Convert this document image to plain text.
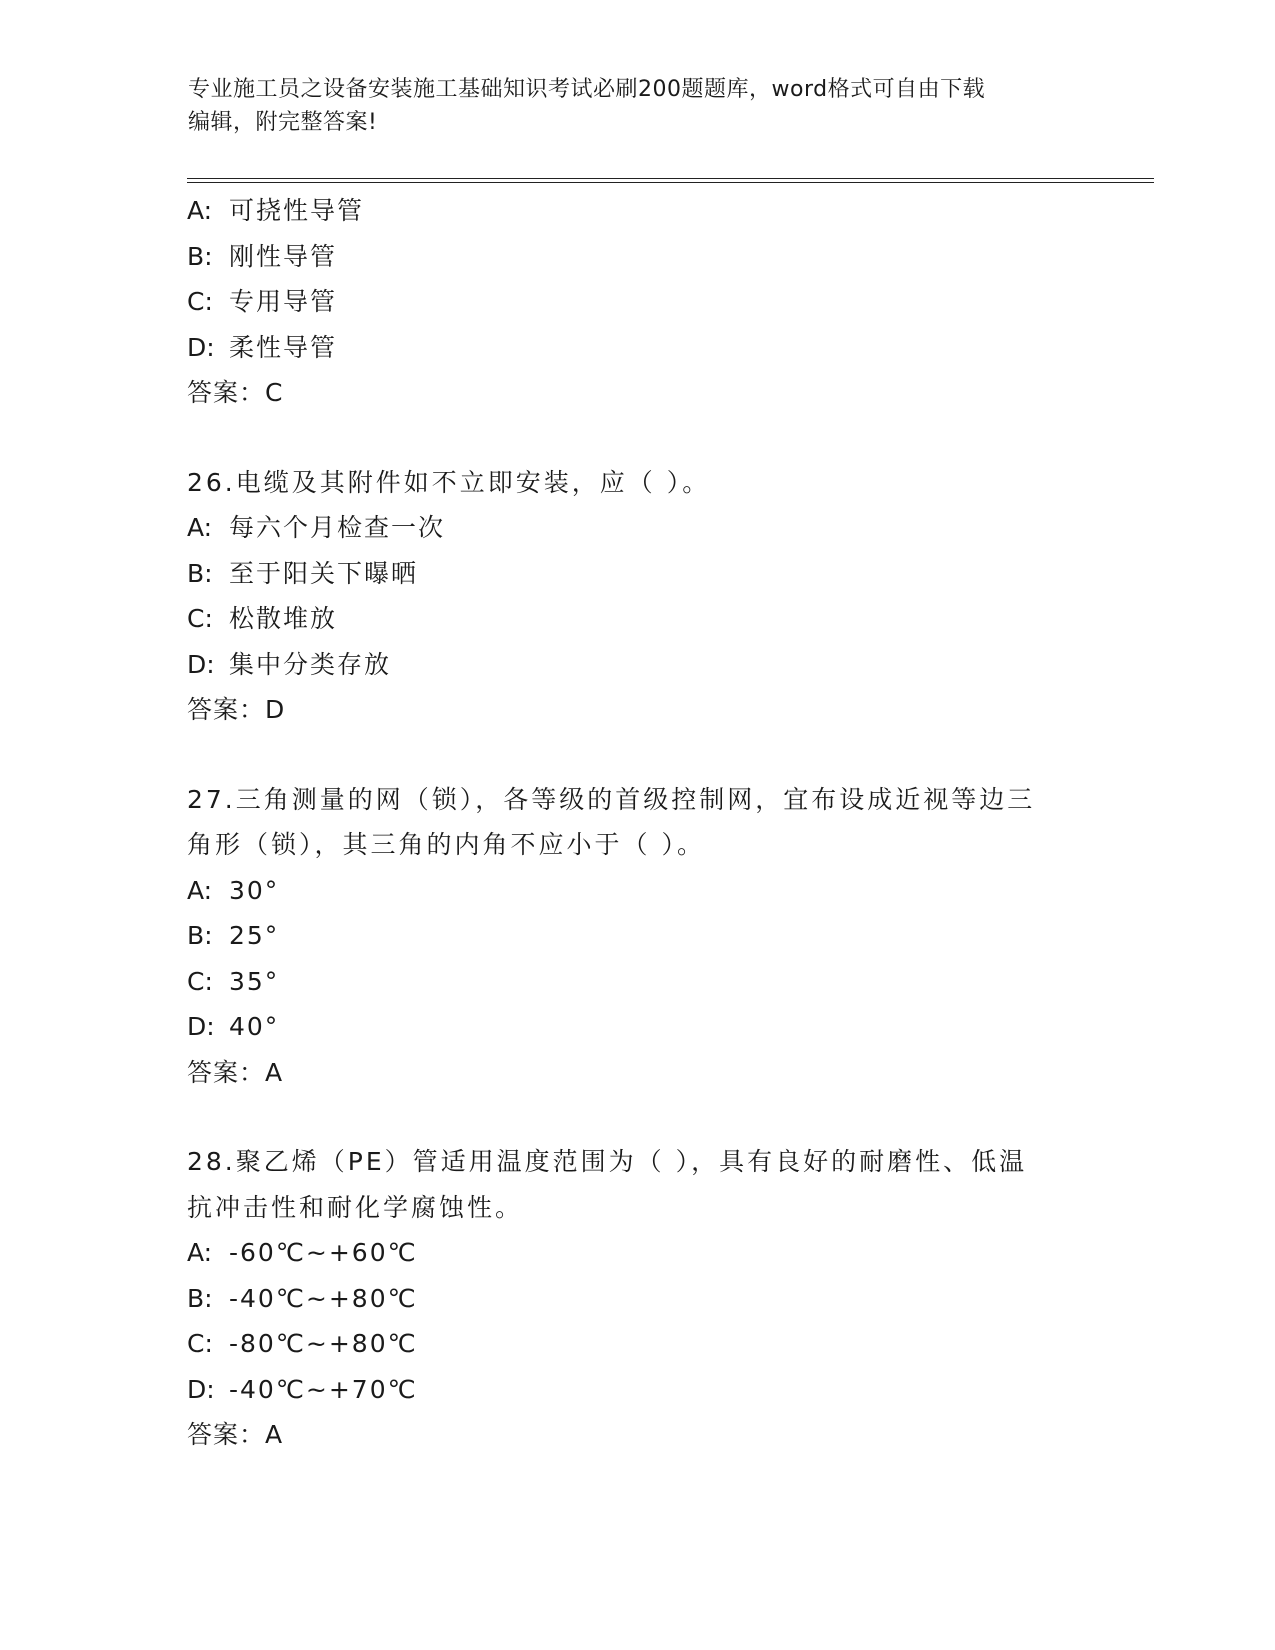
专业施工员之设备安装施工基础知识考试必刷200题题库，word格式可自由下载
编辑，附完整答案!
A: 可挠性导管
B: 刚性导管
C: 专用导管
D: 柔性导管
答案：C
26.电缆及其附件如不立即安装，应（ ）。
A: 每六个月检查一次
B: 至于阳关下曝晒
C: 松散堆放
D: 集中分类存放
答案：D
27.三角测量的网（锁），各等级的首级控制网，宜布设成近视等边三
角形（锁），其三角的内角不应小于（ ）。
A: 30°
B: 25°
C: 35°
D: 40°
答案：A
28.聚乙烯（PE）管适用温度范围为（ ），具有良好的耐磨性、低温
抗冲击性和耐化学腐蚀性。
A: -60℃~+60℃
B: -40℃~+80℃
C: -80℃~+80℃
D: -40℃~+70℃
答案：A
